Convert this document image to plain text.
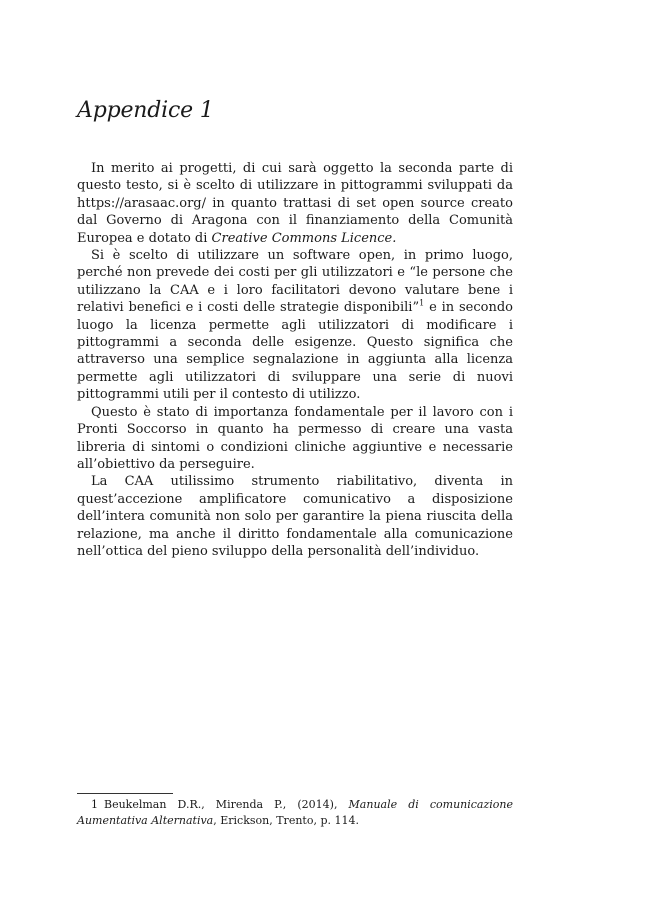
Appendice 1

In merito ai progetti, di cui sarà oggetto la seconda parte di questo testo, si è scelto di utilizzare in pittogrammi sviluppati da https://arasaac.org/ in quanto trattasi di set open source creato dal Governo di Aragona con il finanziamento della Comunità Europea e dotato di Creative Commons Licence.

Si è scelto di utilizzare un software open, in primo luogo, perché non prevede dei costi per gli utilizzatori e “le persone che utilizzano la CAA e i loro facilitatori devono valutare bene i relativi benefici e i costi delle strategie disponibili”$^1$ e in secondo luogo la licenza permette agli utilizzatori di modificare i pittogrammi a seconda delle esigenze. Questo significa che attraverso una semplice segnalazione in aggiunta alla licenza permette agli utilizzatori di sviluppare una serie di nuovi pittogrammi utili per il contesto di utilizzo.

Questo è stato di importanza fondamentale per il lavoro con i Pronti Soccorso in quanto ha permesso di creare una vasta libreria di sintomi o condizioni cliniche aggiuntive e necessarie all’obiettivo da perseguire.

La CAA utilissimo strumento riabilitativo, diventa in quest’accezione amplificatore comunicativo a disposizione dell’intera comunità non solo per garantire la piena riuscita della relazione, ma anche il diritto fondamentale alla comunicazione nell’ottica del pieno sviluppo della personalità dell’individuo.

1 Beukelman D.R., Mirenda P., (2014), Manuale di comunicazione Aumentativa Alternativa, Erickson, Trento, p. 114.
